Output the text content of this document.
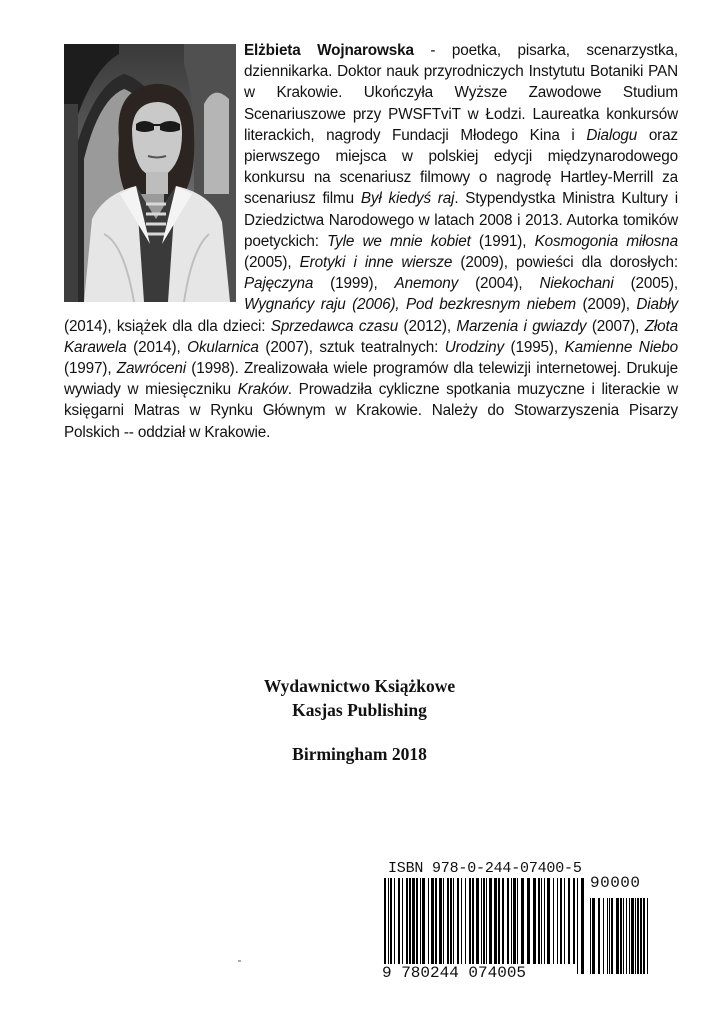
Elżbieta Wojnarowska - poetka, pisarka, scenarzystka, dziennikarka. Doktor nauk przyrodniczych Instytutu Botaniki PAN w Krakowie. Ukończyła Wyższe Zawodowe Studium Scenariuszowe przy PWSFTviT w Łodzi. Laureatka konkursów literackich, nagrody Fundacji Młodego Kina i Dialogu oraz pierwszego miejsca w polskiej edycji międzynarodowego konkursu na scenariusz filmowy o nagrodę Hartley-Merrill za scenariusz filmu Był kiedyś raj. Stypendystka Ministra Kultury i Dziedzictwa Narodowego w latach 2008 i 2013. Autorka tomików poetyckich: Tyle we mnie kobiet (1991), Kosmogonia miłosna (2005), Erotyki i inne wiersze (2009), powieści dla dorosłych: Pajęczyna (1999), Anemony (2004), Niekochani (2005), Wygnańcy raju (2006), Pod bezkresnym niebem (2009), Diabły (2014), książek dla dla dzieci: Sprzedawca czasu (2012), Marzenia i gwiazdy (2007), Złota Karawela (2014), Okularnica (2007), sztuk teatralnych: Urodziny (1995), Kamienne Niebo (1997), Zawróceni (1998). Zrealizowała wiele programów dla telewizji internetowej. Drukuje wywiady w miesięczniku Kraków. Prowadziła cykliczne spotkania muzyczne i literackie w księgarni Matras w Rynku Głównym w Krakowie. Należy do Stowarzyszenia Pisarzy Polskich -- oddział w Krakowie.
Wydawnictwo Książkowe
Kasjas Publishing
Birmingham 2018
ISBN 978-0-244-07400-5
90000
9 780244 074005
